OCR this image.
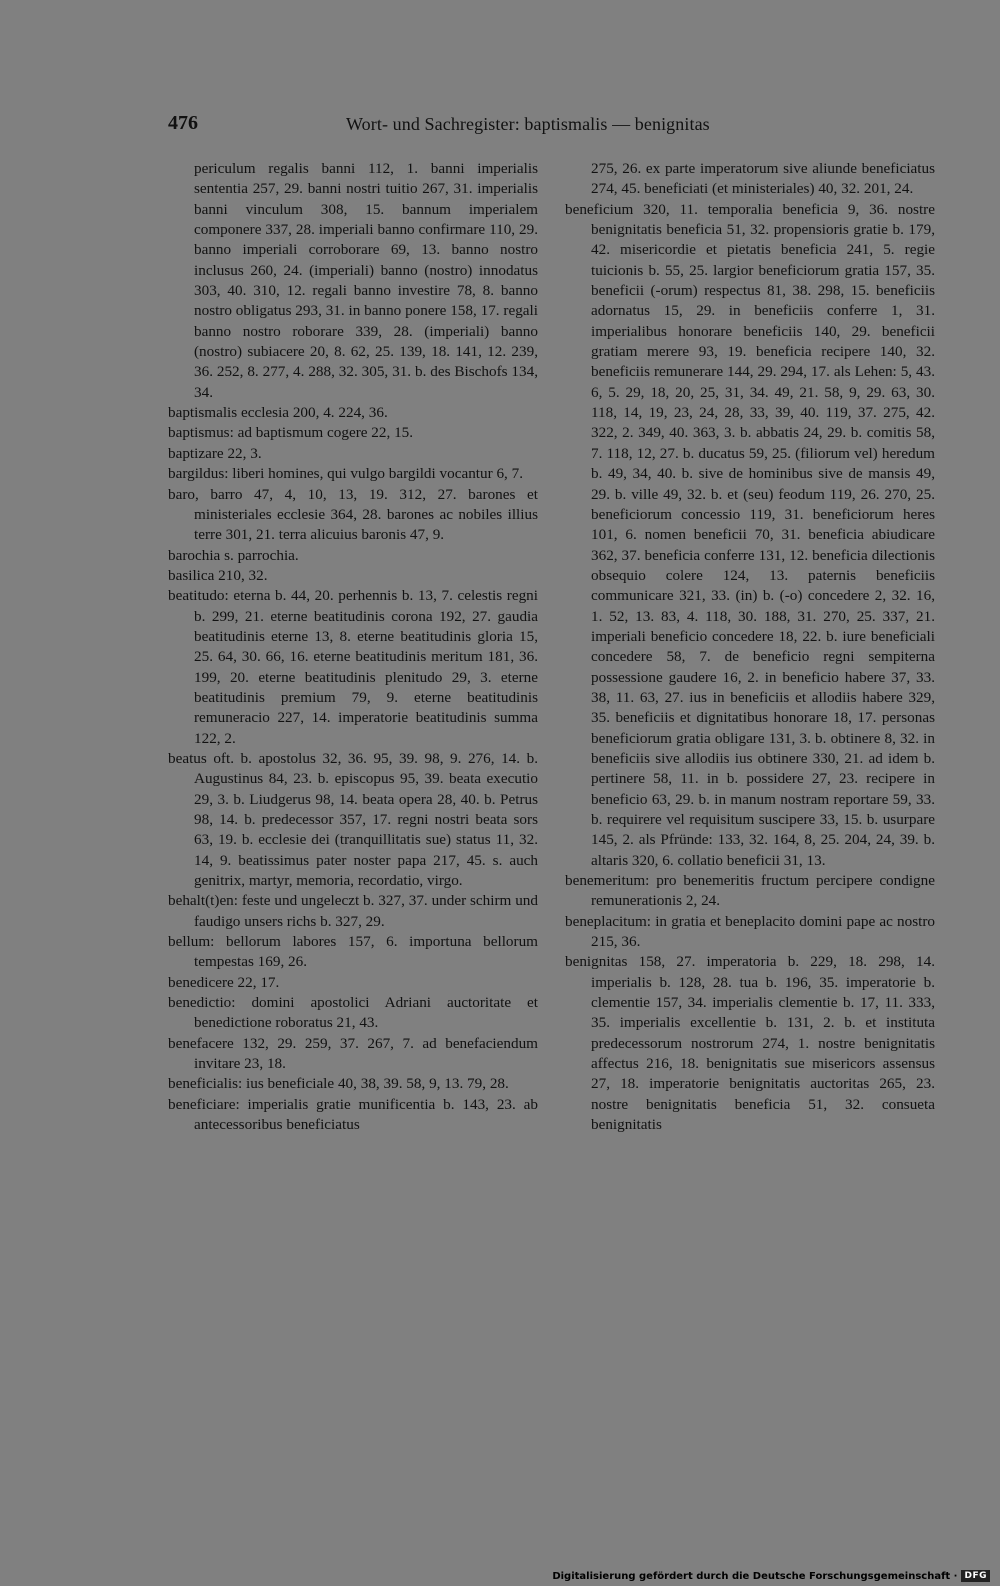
476	Wort- und Sachregister: baptismalis — benignitas

periculum regalis banni 112, 1. banni imperialis sententia 257, 29. banni nostri tuitio 267, 31. imperialis banni vinculum 308, 15. bannum imperialem componere 337, 28. imperiali banno confirmare 110, 29. banno imperiali corroborare 69, 13. banno nostro inclusus 260, 24. (imperiali) banno (nostro) innodatus 303, 40. 310, 12. regali banno investire 78, 8. banno nostro obligatus 293, 31. in banno ponere 158, 17. regali banno nostro roborare 339, 28. (imperiali) banno (nostro) subiacere 20, 8. 62, 25. 139, 18. 141, 12. 239, 36. 252, 8. 277, 4. 288, 32. 305, 31. b. des Bischofs 134, 34.

baptismalis ecclesia 200, 4. 224, 36.

baptismus: ad baptismum cogere 22, 15.

baptizare 22, 3.

bargildus: liberi homines, qui vulgo bargildi vocantur 6, 7.

baro, barro 47, 4, 10, 13, 19. 312, 27. barones et ministeriales ecclesie 364, 28. barones ac nobiles illius terre 301, 21. terra alicuius baronis 47, 9.

barochia s. parrochia.

basilica 210, 32.

beatitudo: eterna b. 44, 20. perhennis b. 13, 7. celestis regni b. 299, 21. eterne beatitudinis corona 192, 27. gaudia beatitudinis eterne 13, 8. eterne beatitudinis gloria 15, 25. 64, 30. 66, 16. eterne beatitudinis meritum 181, 36. 199, 20. eterne beatitudinis plenitudo 29, 3. eterne beatitudinis premium 79, 9. eterne beatitudinis remuneracio 227, 14. imperatorie beatitudinis summa 122, 2.

beatus oft. b. apostolus 32, 36. 95, 39. 98, 9. 276, 14. b. Augustinus 84, 23. b. episcopus 95, 39. beata executio 29, 3. b. Liudgerus 98, 14. beata opera 28, 40. b. Petrus 98, 14. b. predecessor 357, 17. regni nostri beata sors 63, 19. b. ecclesie dei (tranquillitatis sue) status 11, 32. 14, 9. beatissimus pater noster papa 217, 45. s. auch genitrix, martyr, memoria, recordatio, virgo.

behalt(t)en: feste und ungeleczt b. 327, 37. under schirm und faudigo unsers richs b. 327, 29.

bellum: bellorum labores 157, 6. importuna bellorum tempestas 169, 26.

benedicere 22, 17.

benedictio: domini apostolici Adriani auctoritate et benedictione roboratus 21, 43.

benefacere 132, 29. 259, 37. 267, 7. ad benefaciendum invitare 23, 18.

beneficialis: ius beneficiale 40, 38, 39. 58, 9, 13. 79, 28.

beneficiare: imperialis gratie munificentia b. 143, 23. ab antecessoribus beneficiatus

275, 26. ex parte imperatorum sive aliunde beneficiatus 274, 45. beneficiati (et ministeriales) 40, 32. 201, 24.

beneficium 320, 11. temporalia beneficia 9, 36. nostre benignitatis beneficia 51, 32. propensioris gratie b. 179, 42. misericordie et pietatis beneficia 241, 5. regie tuicionis b. 55, 25. largior beneficiorum gratia 157, 35. beneficii (-orum) respectus 81, 38. 298, 15. beneficiis adornatus 15, 29. in beneficiis conferre 1, 31. imperialibus honorare beneficiis 140, 29. beneficii gratiam merere 93, 19. beneficia recipere 140, 32. beneficiis remunerare 144, 29. 294, 17. als Lehen: 5, 43. 6, 5. 29, 18, 20, 25, 31, 34. 49, 21. 58, 9, 29. 63, 30. 118, 14, 19, 23, 24, 28, 33, 39, 40. 119, 37. 275, 42. 322, 2. 349, 40. 363, 3. b. abbatis 24, 29. b. comitis 58, 7. 118, 12, 27. b. ducatus 59, 25. (filiorum vel) heredum b. 49, 34, 40. b. sive de hominibus sive de mansis 49, 29. b. ville 49, 32. b. et (seu) feodum 119, 26. 270, 25. beneficiorum concessio 119, 31. beneficiorum heres 101, 6. nomen beneficii 70, 31. beneficia abiudicare 362, 37. beneficia conferre 131, 12. beneficia dilectionis obsequio colere 124, 13. paternis beneficiis communicare 321, 33. (in) b. (-o) concedere 2, 32. 16, 1. 52, 13. 83, 4. 118, 30. 188, 31. 270, 25. 337, 21. imperiali beneficio concedere 18, 22. b. iure beneficiali concedere 58, 7. de beneficio regni sempiterna possessione gaudere 16, 2. in beneficio habere 37, 33. 38, 11. 63, 27. ius in beneficiis et allodiis habere 329, 35. beneficiis et dignitatibus honorare 18, 17. personas beneficiorum gratia obligare 131, 3. b. obtinere 8, 32. in beneficiis sive allodiis ius obtinere 330, 21. ad idem b. pertinere 58, 11. in b. possidere 27, 23. recipere in beneficio 63, 29. b. in manum nostram reportare 59, 33. b. requirere vel requisitum suscipere 33, 15. b. usurpare 145, 2. als Pfründe: 133, 32. 164, 8, 25. 204, 24, 39. b. altaris 320, 6. collatio beneficii 31, 13.

benemeritum: pro benemeritis fructum percipere condigne remunerationis 2, 24.

beneplacitum: in gratia et beneplacito domini pape ac nostro 215, 36.

benignitas 158, 27. imperatoria b. 229, 18. 298, 14. imperialis b. 128, 28. tua b. 196, 35. imperatorie b. clementie 157, 34. imperialis clementie b. 17, 11. 333, 35. imperialis excellentie b. 131, 2. b. et instituta predecessorum nostrorum 274, 1. nostre benignitatis affectus 216, 18. benignitatis sue misericors assensus 27, 18. imperatorie benignitatis auctoritas 265, 23. nostre benignitatis beneficia 51, 32. consueta benignitatis

Digitalisierung gefördert durch die Deutsche Forschungsgemeinschaft · DFG
